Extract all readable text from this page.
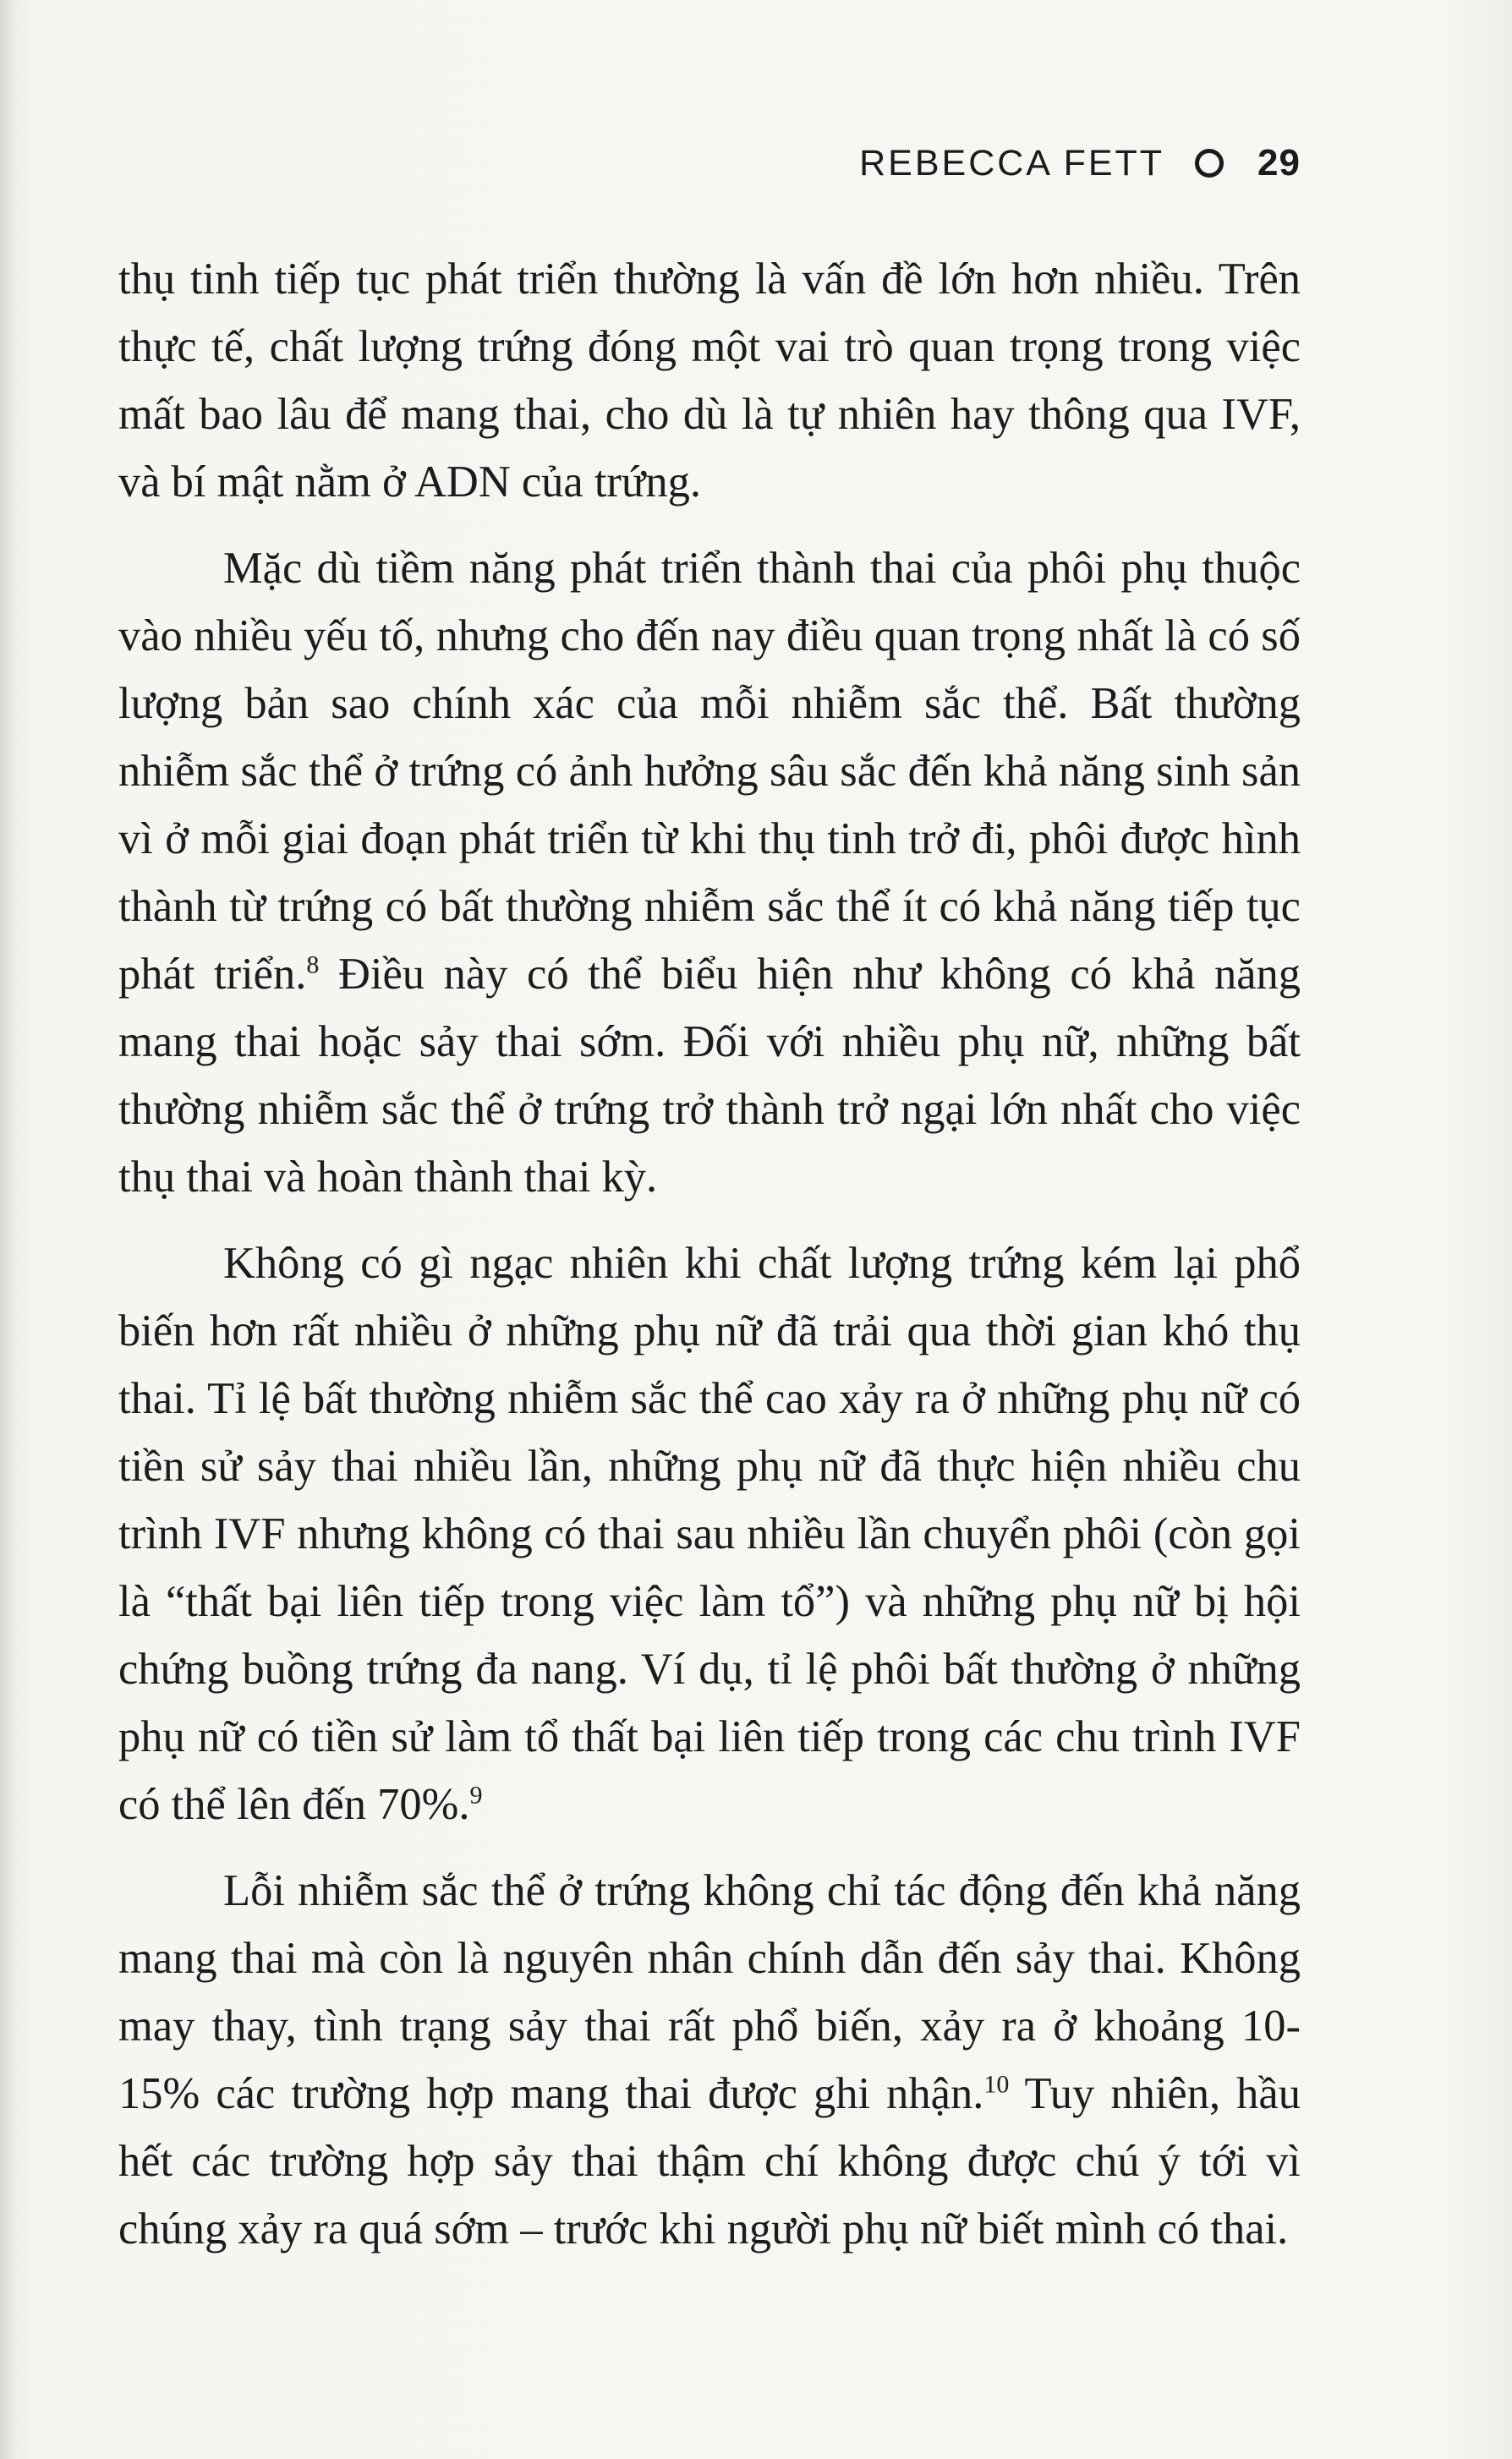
REBECCA FETT	29

thụ tinh tiếp tục phát triển thường là vấn đề lớn hơn nhiều. Trên thực tế, chất lượng trứng đóng một vai trò quan trọng trong việc mất bao lâu để mang thai, cho dù là tự nhiên hay thông qua IVF, và bí mật nằm ở ADN của trứng.

Mặc dù tiềm năng phát triển thành thai của phôi phụ thuộc vào nhiều yếu tố, nhưng cho đến nay điều quan trọng nhất là có số lượng bản sao chính xác của mỗi nhiễm sắc thể. Bất thường nhiễm sắc thể ở trứng có ảnh hưởng sâu sắc đến khả năng sinh sản vì ở mỗi giai đoạn phát triển từ khi thụ tinh trở đi, phôi được hình thành từ trứng có bất thường nhiễm sắc thể ít có khả năng tiếp tục phát triển.$^8$ Điều này có thể biểu hiện như không có khả năng mang thai hoặc sảy thai sớm. Đối với nhiều phụ nữ, những bất thường nhiễm sắc thể ở trứng trở thành trở ngại lớn nhất cho việc thụ thai và hoàn thành thai kỳ.

Không có gì ngạc nhiên khi chất lượng trứng kém lại phổ biến hơn rất nhiều ở những phụ nữ đã trải qua thời gian khó thụ thai. Tỉ lệ bất thường nhiễm sắc thể cao xảy ra ở những phụ nữ có tiền sử sảy thai nhiều lần, những phụ nữ đã thực hiện nhiều chu trình IVF nhưng không có thai sau nhiều lần chuyển phôi (còn gọi là “thất bại liên tiếp trong việc làm tổ”) và những phụ nữ bị hội chứng buồng trứng đa nang. Ví dụ, tỉ lệ phôi bất thường ở những phụ nữ có tiền sử làm tổ thất bại liên tiếp trong các chu trình IVF có thể lên đến 70%.$^9$

Lỗi nhiễm sắc thể ở trứng không chỉ tác động đến khả năng mang thai mà còn là nguyên nhân chính dẫn đến sảy thai. Không may thay, tình trạng sảy thai rất phổ biến, xảy ra ở khoảng 10-15% các trường hợp mang thai được ghi nhận.$^{10}$ Tuy nhiên, hầu hết các trường hợp sảy thai thậm chí không được chú ý tới vì chúng xảy ra quá sớm – trước khi người phụ nữ biết mình có thai.
